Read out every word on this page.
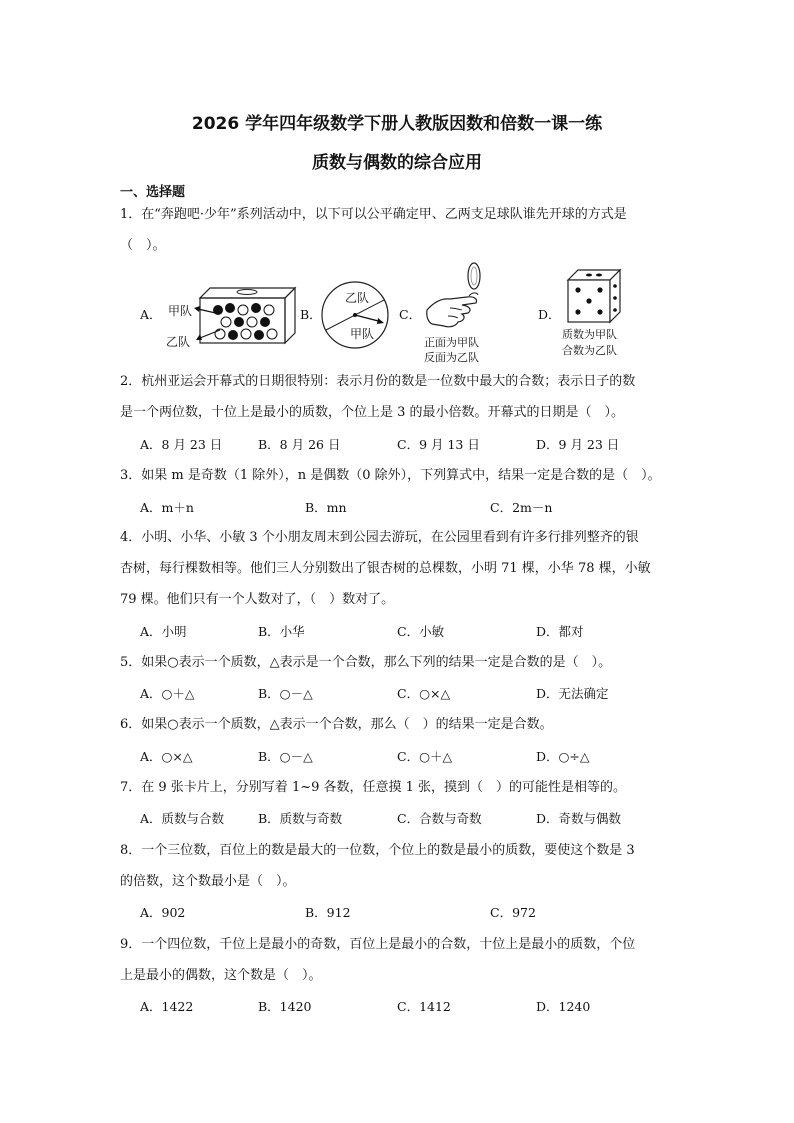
2026 学年四年级数学下册人教版因数和倍数一课一练
质数与偶数的综合应用
一、选择题
1．在“奔跑吧·少年”系列活动中，以下可以公平确定甲、乙两支足球队谁先开球的方式是
（　）。
A． 甲队
乙队
B．
乙队
甲队
C．
正面为甲队
反面为乙队
D．
质数为甲队
合数为乙队
2．杭州亚运会开幕式的日期很特别：表示月份的数是一位数中最大的合数；表示日子的数
是一个两位数，十位上是最小的质数，个位上是 3 的最小倍数。开幕式的日期是（　）。
A．8 月 23 日	B．8 月 26 日	C．9 月 13 日	D．9 月 23 日
3．如果 m 是奇数（1 除外），n 是偶数（0 除外），下列算式中，结果一定是合数的是（　）。
A．m＋n	B．mn	C．2m－n
4．小明、小华、小敏 3 个小朋友周末到公园去游玩，在公园里看到有许多行排列整齐的银
杏树，每行棵数相等。他们三人分别数出了银杏树的总棵数，小明 71 棵，小华 78 棵，小敏
79 棵。他们只有一个人数对了，（　）数对了。
A．小明	B．小华	C．小敏	D．都对
5．如果○表示一个质数，△表示是一个合数，那么下列的结果一定是合数的是（　）。
A．○＋△	B．○－△	C．○×△	D．无法确定
6．如果○表示一个质数，△表示一个合数，那么（　）的结果一定是合数。
A．○×△	B．○－△	C．○＋△	D．○÷△
7．在 9 张卡片上，分别写着 1~9 各数，任意摸 1 张，摸到（　）的可能性是相等的。
A．质数与合数	B．质数与奇数	C．合数与奇数	D．奇数与偶数
8．一个三位数，百位上的数是最大的一位数，个位上的数是最小的质数，要使这个数是 3
的倍数，这个数最小是（　）。
A．902	B．912	C．972
9．一个四位数，千位上是最小的奇数，百位上是最小的合数，十位上是最小的质数，个位
上是最小的偶数，这个数是（　）。
A．1422	B．1420	C．1412	D．1240
